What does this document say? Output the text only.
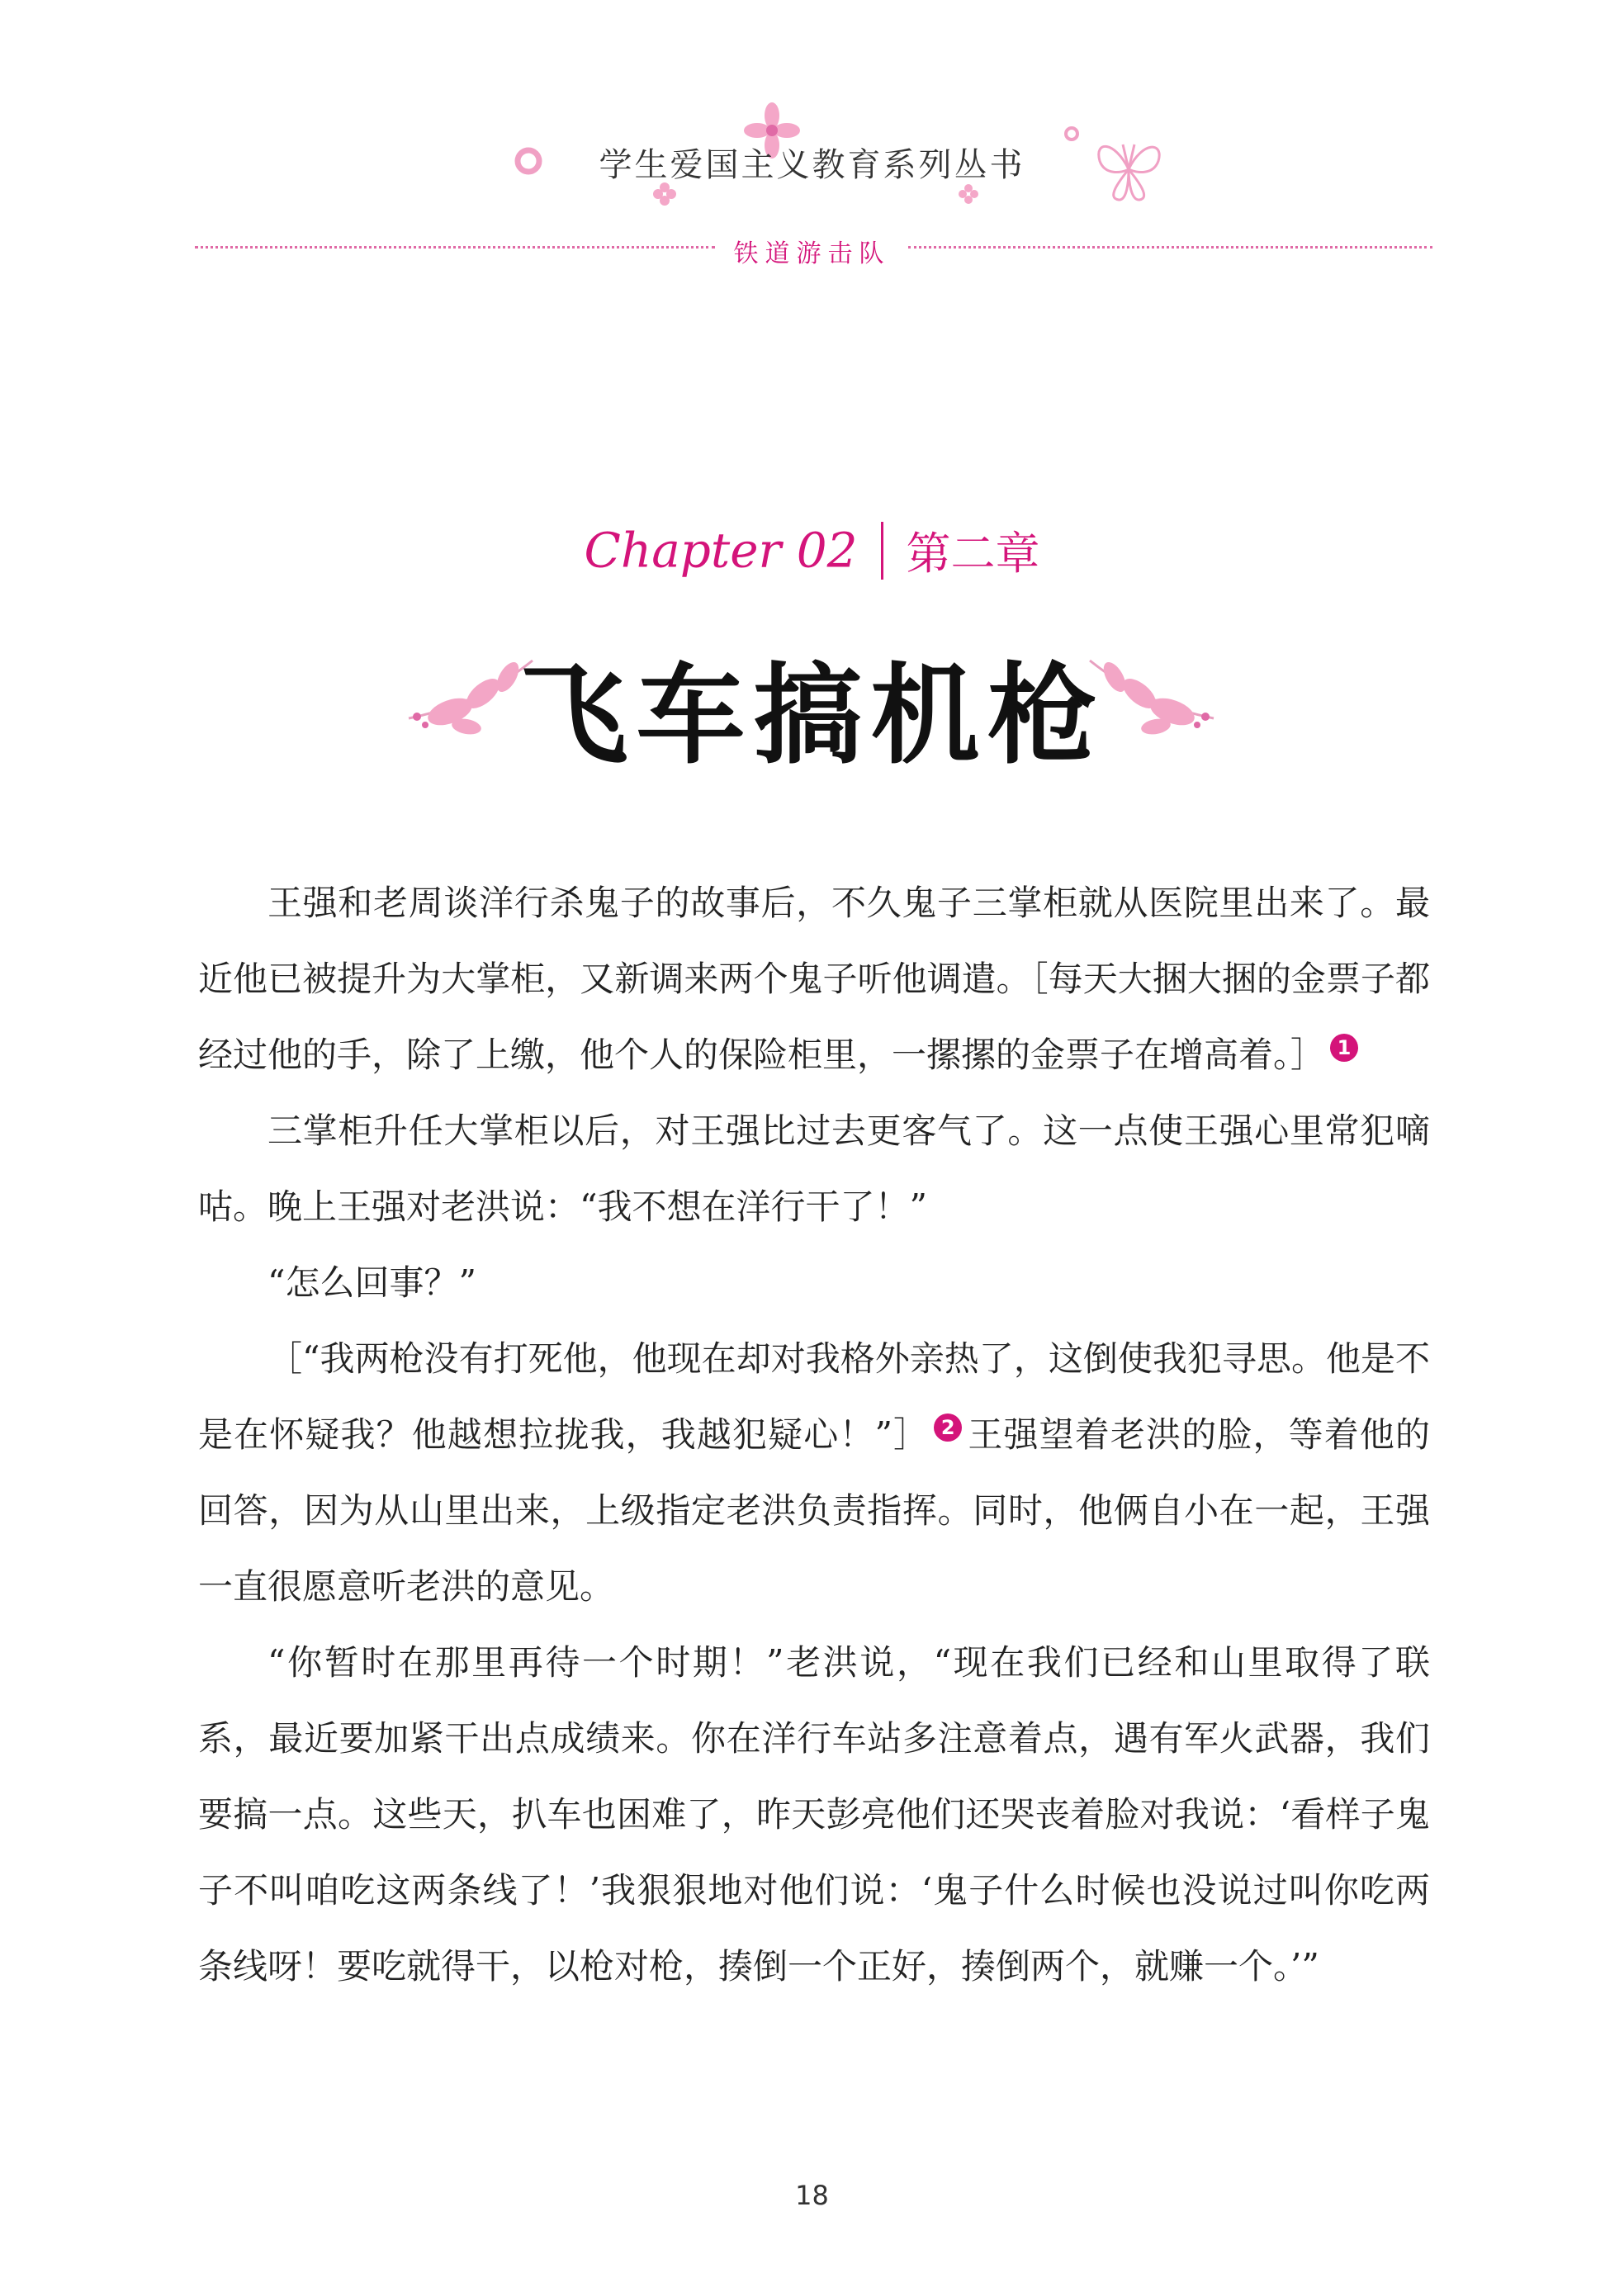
学生爱国主义教育系列丛书
铁道游击队
Chapter 02 第二章
飞车搞机枪

王强和老周谈洋行杀鬼子的故事后，不久鬼子三掌柜就从医院里出来了。最近他已被提升为大掌柜，又新调来两个鬼子听他调遣。［每天大捆大捆的金票子都经过他的手，除了上缴，他个人的保险柜里，一摞摞的金票子在增高着。］ 1

三掌柜升任大掌柜以后，对王强比过去更客气了。这一点使王强心里常犯嘀咕。晚上王强对老洪说：“我不想在洋行干了！”

“怎么回事？”

［“我两枪没有打死他，他现在却对我格外亲热了，这倒使我犯寻思。他是不是在怀疑我？他越想拉拢我，我越犯疑心！”］ 2 王强望着老洪的脸，等着他的回答，因为从山里出来，上级指定老洪负责指挥。同时，他俩自小在一起，王强一直很愿意听老洪的意见。

“你暂时在那里再待一个时期！”老洪说，“现在我们已经和山里取得了联系，最近要加紧干出点成绩来。你在洋行车站多注意着点，遇有军火武器，我们要搞一点。这些天，扒车也困难了，昨天彭亮他们还哭丧着脸对我说：‘看样子鬼子不叫咱吃这两条线了！’我狠狠地对他们说：‘鬼子什么时候也没说过叫你吃两条线呀！要吃就得干，以枪对枪，揍倒一个正好，揍倒两个，就赚一个。’”

18
